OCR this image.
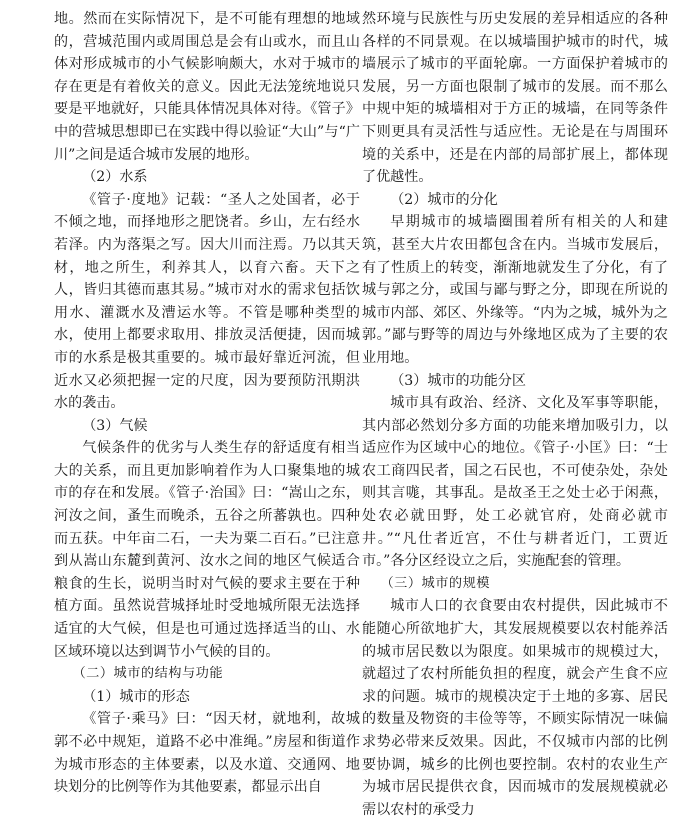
地。然而在实际情况下，是不可能有理想的地域的，营城范围内或周围总是会有山或水，而且山体对形成城市的小气候影响颇大，水对于城市的存在更是有着攸关的意义。因此无法笼统地说只要是平地就好，只能具体情况具体对待。《管子》中的营城思想即已在实践中得以验证“大山”与“广川”之间是适合城市发展的地形。

（2）水系

《管子·度地》记载：“圣人之处国者，必于不倾之地，而择地形之肥饶者。乡山，左右经水若泽。内为落渠之写。因大川而注焉。乃以其天材，地之所生，利养其人，以育六畜。天下之人，皆归其德而惠其易。”城市对水的需求包括饮用水、灌溉水及漕运水等。不管是哪种类型的水，使用上都要求取用、排放灵活便捷，因而城市的水系是极其重要的。城市最好靠近河流，但近水又必须把握一定的尺度，因为要预防汛期洪水的袭击。

（3）气候

气候条件的优劣与人类生存的舒适度有相当大的关系，而且更加影响着作为人口聚集地的城市的存在和发展。《管子·治国》曰：“嵩山之东，河汝之间，蚤生而晚杀，五谷之所蕃孰也。四种而五获。中年亩二石，一夫为粟二百石。”已注意到从嵩山东麓到黄河、汝水之间的地区气候适合粮食的生长，说明当时对气候的要求主要在于种植方面。虽然说营城择址时受地城所限无法选择适宜的大气候，但是也可通过选择适当的山、水区域环境以达到调节小气候的目的。

（二）城市的结构与功能
（1）城市的形态

《管子·乘马》曰：“因天材，就地利，故城郭不必中规矩，道路不必中准绳。”房屋和街道作为城市形态的主体要素，以及水道、交通网、地块划分的比例等作为其他要素，都显示出自

然环境与民族性与历史发展的差异相适应的各种各样的不同景观。在以城墙围护城市的时代，城墙展示了城市的平面轮廓。一方面保护着城市的发展，另一方面也限制了城市的发展。而不那么中规中矩的城墙相对于方正的城墙，在同等条件下则更具有灵活性与适应性。无论是在与周围环境的关系中，还是在内部的局部扩展上，都体现了优越性。

（2）城市的分化

早期城市的城墙圈围着所有相关的人和建筑，甚至大片农田都包含在内。当城市发展后，有了性质上的转变，渐渐地就发生了分化，有了城与郭之分，或国与鄙与野之分，即现在所说的城市内部、郊区、外缘等。“内为之城，城外为之郭。”鄙与野等的周边与外缘地区成为了主要的农业用地。

（3）城市的功能分区

城市具有政治、经济、文化及军事等职能，其内部必然划分多方面的功能来增加吸引力，以适应作为区域中心的地位。《管子·小匡》曰：“士农工商四民者，国之石民也，不可使杂处，杂处则其言哤，其事乱。是故圣王之处士必于闲燕，处农必就田野，处工必就官府，处商必就市井。”“凡仕者近宫，不仕与耕者近门，工贾近市。”各分区经设立之后，实施配套的管理。

（三）城市的规模

城市人口的衣食要由农村提供，因此城市不能随心所欲地扩大，其发展规模要以农村能养活的城市居民数以为限度。如果城市的规模过大，就超过了农村所能负担的程度，就会产生食不应求的问题。城市的规模决定于土地的多寡、居民的数量及物资的丰俭等等，不顾实际情况一味偏求势必带来反效果。因此，不仅城市内部的比例要协调，城乡的比例也要控制。农村的农业生产为城市居民提供衣食，因而城市的发展规模就必需以农村的承受力
